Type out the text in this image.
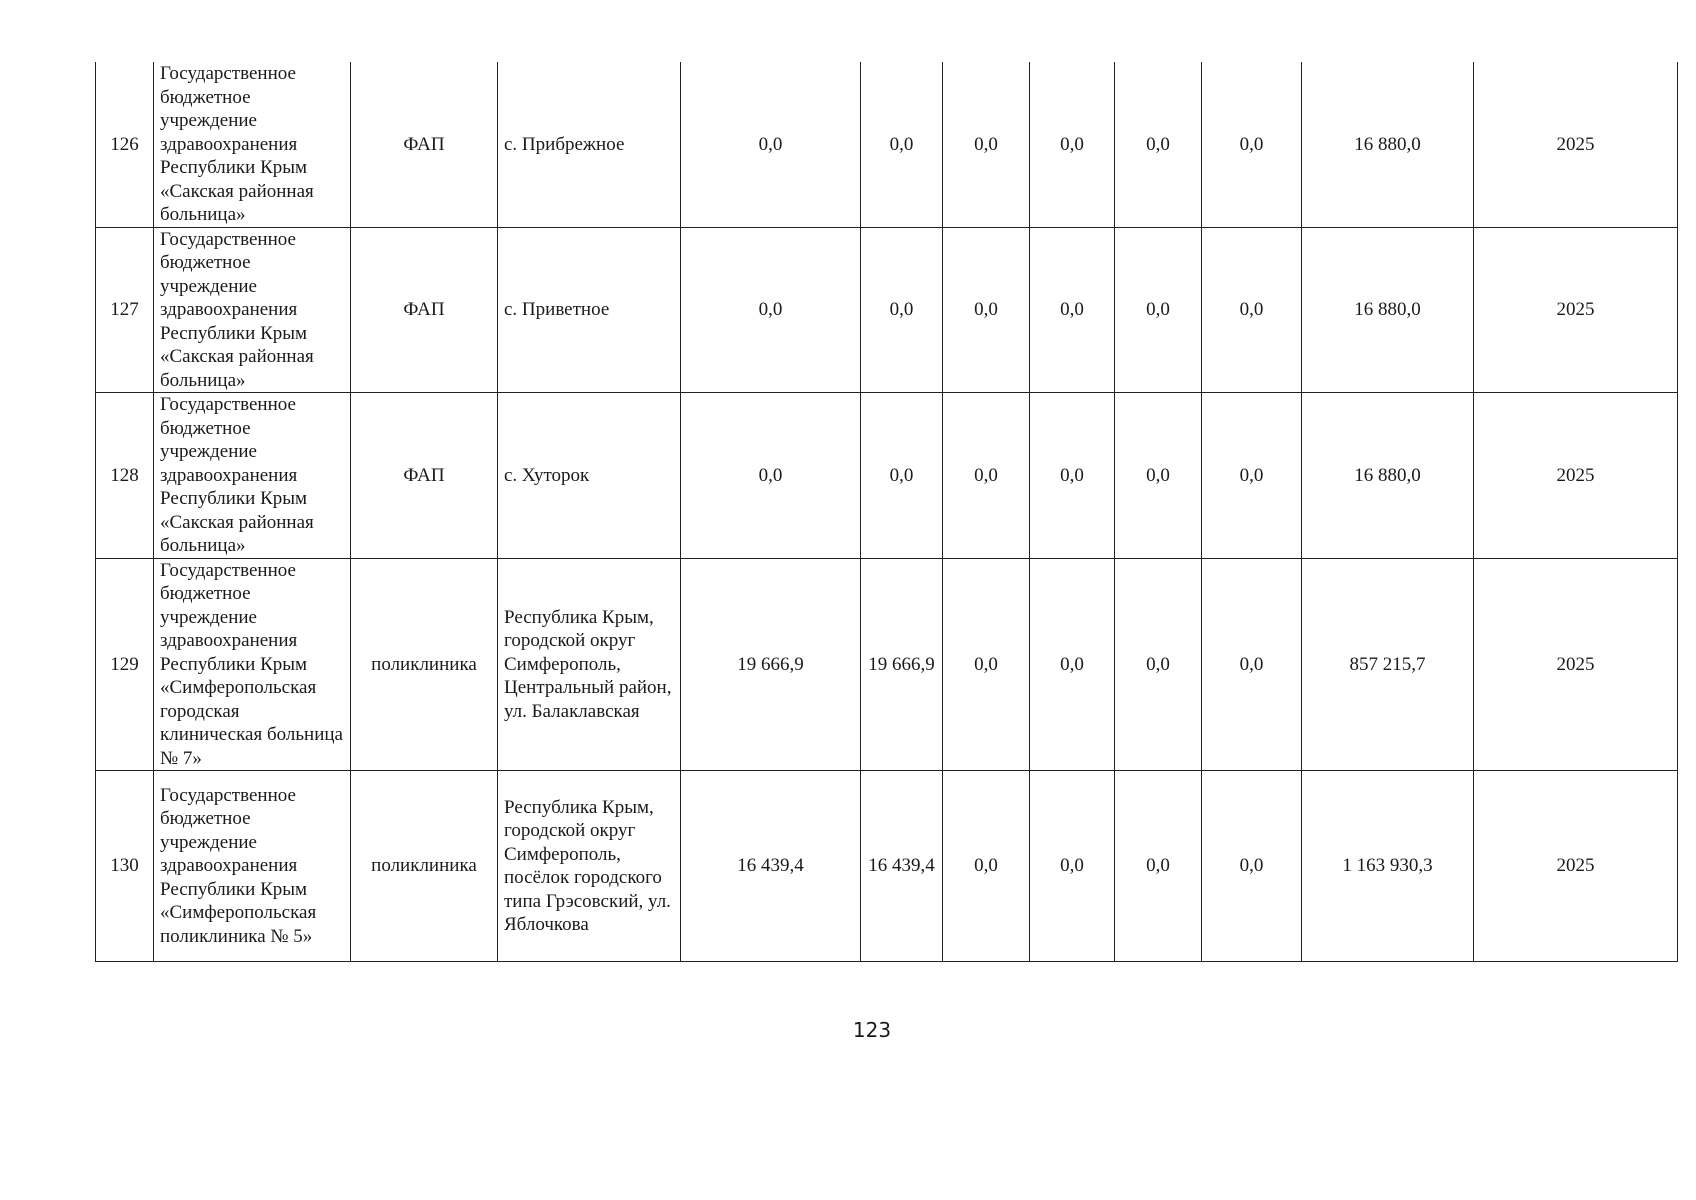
126	Государственное бюджетное учреждение здравоохранения Республики Крым «Сакская районная больница»	ФАП	с. Прибрежное	0,0	0,0	0,0	0,0	0,0	0,0	16 880,0	2025
127	Государственное бюджетное учреждение здравоохранения Республики Крым «Сакская районная больница»	ФАП	с. Приветное	0,0	0,0	0,0	0,0	0,0	0,0	16 880,0	2025
128	Государственное бюджетное учреждение здравоохранения Республики Крым «Сакская районная больница»	ФАП	с. Хуторок	0,0	0,0	0,0	0,0	0,0	0,0	16 880,0	2025
129	Государственное бюджетное учреждение здравоохранения Республики Крым «Симферопольская городская клиническая больница № 7»	поликлиника	Республика Крым, городской округ Симферополь, Центральный район, ул. Балаклавская	19 666,9	19 666,9	0,0	0,0	0,0	0,0	857 215,7	2025
130	Государственное бюджетное учреждение здравоохранения Республики Крым «Симферопольская поликлиника № 5»	поликлиника	Республика Крым, городской округ Симферополь, посёлок городского типа Грэсовский, ул. Яблочкова	16 439,4	16 439,4	0,0	0,0	0,0	0,0	1 163 930,3	2025
123
